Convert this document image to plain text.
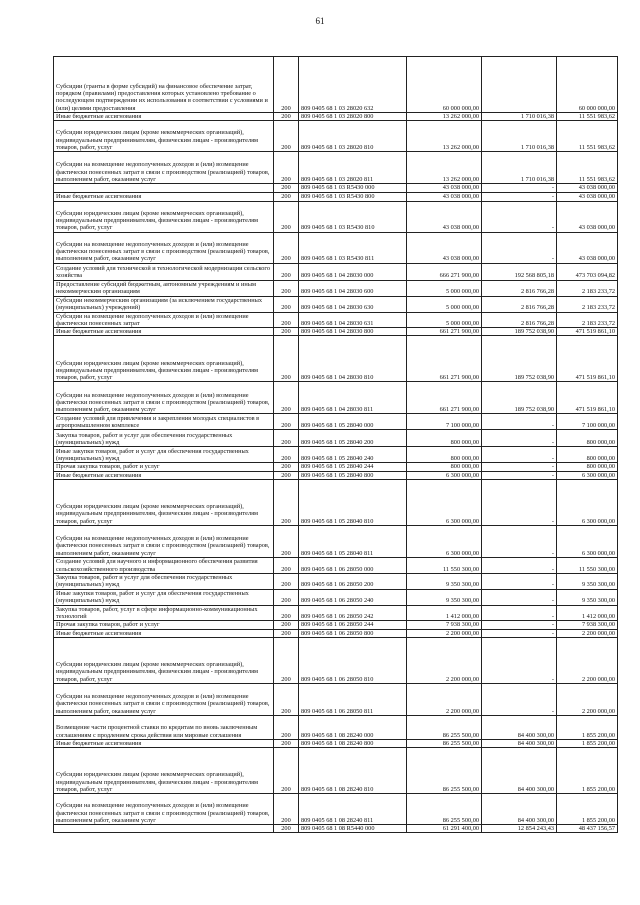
61
Субсидии (гранты в форме субсидий) на финансовое обеспечение затрат, порядком (правилами) предоставления которых установлено требование о последующем подтверждении их использования в соответствии с условиями и (или) целями предоставления	200	809 0405 68 1 03 28020 632	60 000 000,00		60 000 000,00
Иные бюджетные ассигнования	200	809 0405 68 1 03 28020 800	13 262 000,00	1 710 016,38	11 551 983,62
Субсидии юридическим лицам (кроме некоммерческих организаций), индивидуальным предпринимателям, физическим лицам - производителям товаров, работ, услуг	200	809 0405 68 1 03 28020 810	13 262 000,00	1 710 016,38	11 551 983,62
Субсидии на возмещение недополученных доходов и (или) возмещение фактически понесенных затрат в связи с производством (реализацией) товаров, выполнением работ, оказанием услуг	200	809 0405 68 1 03 28020 811	13 262 000,00	1 710 016,38	11 551 983,62
	200	809 0405 68 1 03 R5430 000	43 038 000,00	-	43 038 000,00
Иные бюджетные ассигнования	200	809 0405 68 1 03 R5430 800	43 038 000,00	-	43 038 000,00
Субсидии юридическим лицам (кроме некоммерческих организаций), индивидуальным предпринимателям, физическим лицам - производителям товаров, работ, услуг	200	809 0405 68 1 03 R5430 810	43 038 000,00	-	43 038 000,00
Субсидии на возмещение недополученных доходов и (или) возмещение фактически понесенных затрат в связи с производством (реализацией) товаров, выполнением работ, оказанием услуг	200	809 0405 68 1 03 R5430 811	43 038 000,00	-	43 038 000,00
Создание условий для технической и технологической модернизации сельского хозяйства	200	809 0405 68 1 04 28030 000	666 271 900,00	192 568 805,18	473 703 094,82
Предоставление субсидий бюджетным, автономным учреждениям и иным некоммерческим организациям	200	809 0405 68 1 04 28030 600	5 000 000,00	2 816 766,28	2 183 233,72
Субсидии некоммерческим организациям (за исключением государственных (муниципальных) учреждений)	200	809 0405 68 1 04 28030 630	5 000 000,00	2 816 766,28	2 183 233,72
Субсидии на возмещение недополученных доходов и (или) возмещение фактически понесенных затрат	200	809 0405 68 1 04 28030 631	5 000 000,00	2 816 766,28	2 183 233,72
Иные бюджетные ассигнования	200	809 0405 68 1 04 28030 800	661 271 900,00	189 752 038,90	471 519 861,10
Субсидии юридическим лицам (кроме некоммерческих организаций), индивидуальным предпринимателям, физическим лицам - производителям товаров, работ, услуг	200	809 0405 68 1 04 28030 810	661 271 900,00	189 752 038,90	471 519 861,10
Субсидии на возмещение недополученных доходов и (или) возмещение фактически понесенных затрат в связи с производством (реализацией) товаров, выполнением работ, оказанием услуг	200	809 0405 68 1 04 28030 811	661 271 900,00	189 752 038,90	471 519 861,10
Создание условий для привлечения и закрепления молодых специалистов в агропромышленном комплексе	200	809 0405 68 1 05 28040 000	7 100 000,00	-	7 100 000,00
Закупка товаров, работ и услуг для обеспечения государственных (муниципальных) нужд	200	809 0405 68 1 05 28040 200	800 000,00	-	800 000,00
Иные закупки товаров, работ и услуг для обеспечения государственных (муниципальных) нужд	200	809 0405 68 1 05 28040 240	800 000,00	-	800 000,00
Прочая закупка товаров, работ и услуг	200	809 0405 68 1 05 28040 244	800 000,00	-	800 000,00
Иные бюджетные ассигнования	200	809 0405 68 1 05 28040 800	6 300 000,00	-	6 300 000,00
Субсидии юридическим лицам (кроме некоммерческих организаций), индивидуальным предпринимателям, физическим лицам - производителям товаров, работ, услуг	200	809 0405 68 1 05 28040 810	6 300 000,00	-	6 300 000,00
Субсидии на возмещение недополученных доходов и (или) возмещение фактически понесенных затрат в связи с производством (реализацией) товаров, выполнением работ, оказанием услуг	200	809 0405 68 1 05 28040 811	6 300 000,00	-	6 300 000,00
Создание условий для научного и информационного обеспечения развития сельскохозяйственного производства	200	809 0405 68 1 06 28050 000	11 550 300,00	-	11 550 300,00
Закупка товаров, работ и услуг для обеспечения государственных (муниципальных) нужд	200	809 0405 68 1 06 28050 200	9 350 300,00	-	9 350 300,00
Иные закупки товаров, работ и услуг для обеспечения государственных (муниципальных) нужд	200	809 0405 68 1 06 28050 240	9 350 300,00	-	9 350 300,00
Закупка товаров, работ, услуг в сфере информационно-коммуникационных технологий	200	809 0405 68 1 06 28050 242	1 412 000,00	-	1 412 000,00
Прочая закупка товаров, работ и услуг	200	809 0405 68 1 06 28050 244	7 938 300,00	-	7 938 300,00
Иные бюджетные ассигнования	200	809 0405 68 1 06 28050 800	2 200 000,00	-	2 200 000,00
Субсидии юридическим лицам (кроме некоммерческих организаций), индивидуальным предпринимателям, физическим лицам - производителям товаров, работ, услуг	200	809 0405 68 1 06 28050 810	2 200 000,00	-	2 200 000,00
Субсидии на возмещение недополученных доходов и (или) возмещение фактически понесенных затрат в связи с производством (реализацией) товаров, выполнением работ, оказанием услуг	200	809 0405 68 1 06 28050 811	2 200 000,00	-	2 200 000,00
Возмещение части процентной ставки по кредитам по вновь заключенным соглашениям с продлением срока действия или мировые соглашения	200	809 0405 68 1 08 28240 000	86 255 500,00	84 400 300,00	1 855 200,00
Иные бюджетные ассигнования	200	809 0405 68 1 08 28240 800	86 255 500,00	84 400 300,00	1 855 200,00
Субсидии юридическим лицам (кроме некоммерческих организаций), индивидуальным предпринимателям, физическим лицам - производителям товаров, работ, услуг	200	809 0405 68 1 08 28240 810	86 255 500,00	84 400 300,00	1 855 200,00
Субсидии на возмещение недополученных доходов и (или) возмещение фактически понесенных затрат в связи с производством (реализацией) товаров, выполнением работ, оказанием услуг	200	809 0405 68 1 08 28240 811	86 255 500,00	84 400 300,00	1 855 200,00
	200	809 0405 68 1 08 R5440 000	61 291 400,00	12 854 243,43	48 437 156,57
